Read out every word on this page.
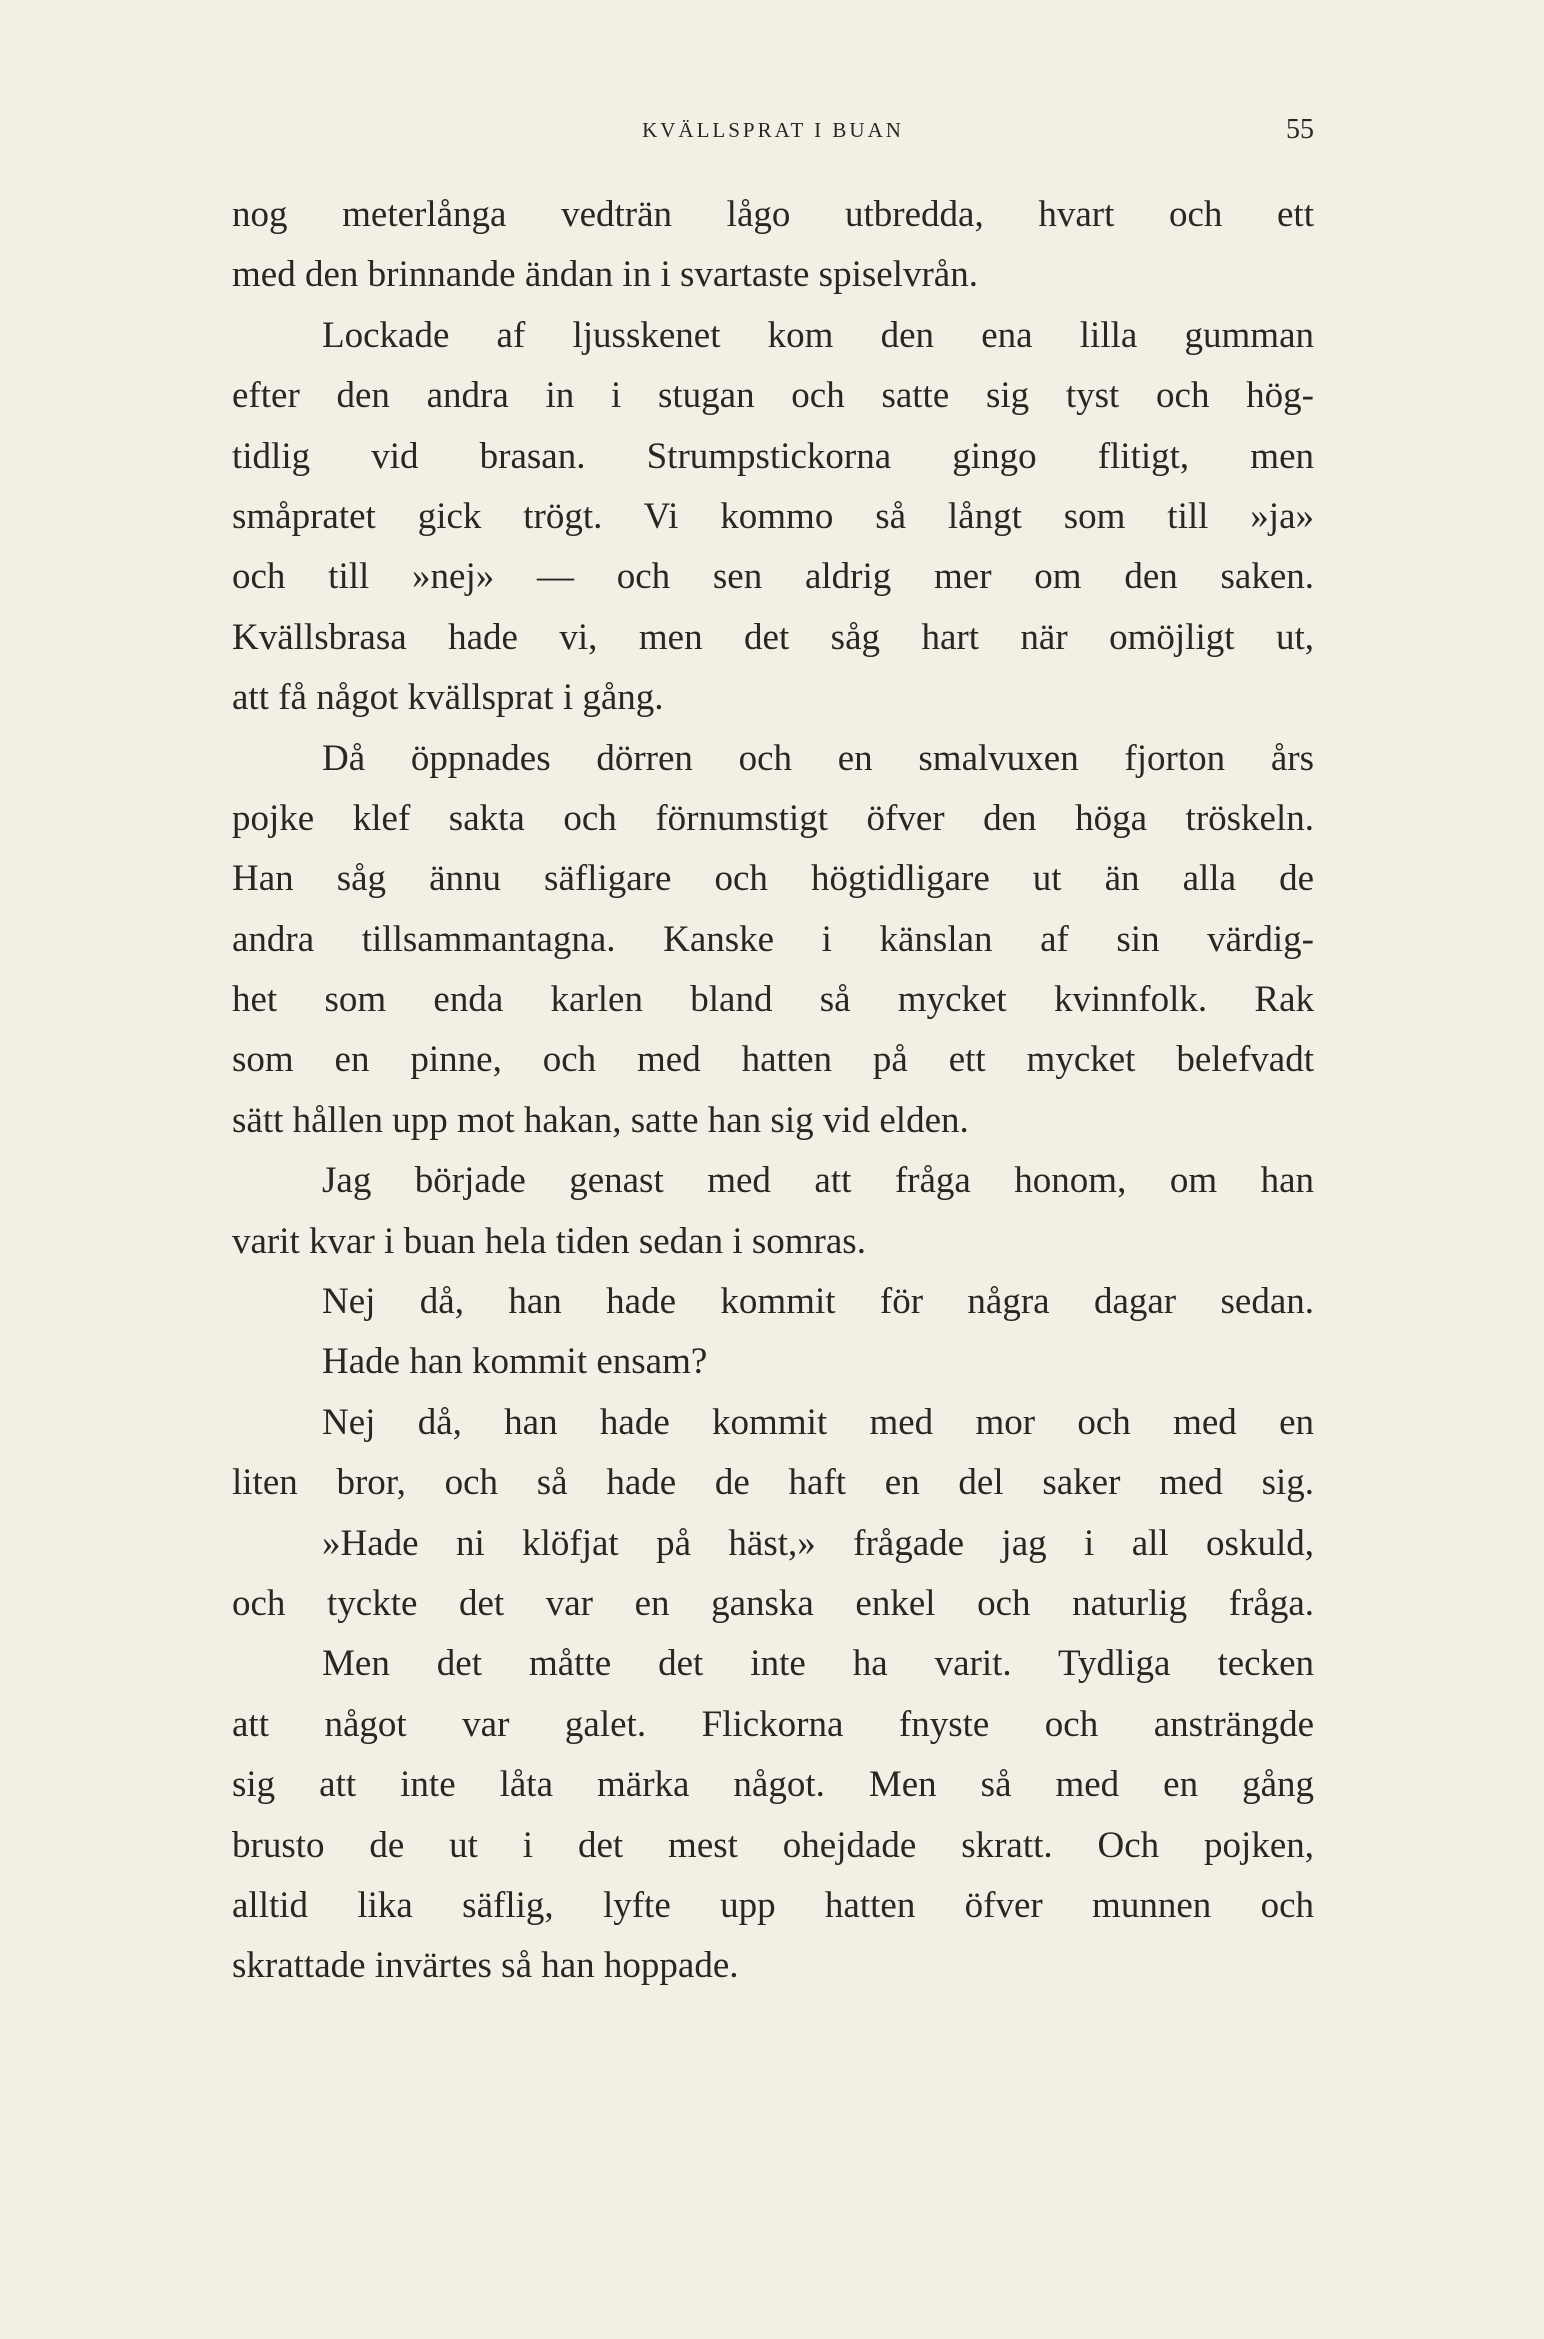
KVÄLLSPRAT I BUAN	55
nog meterlånga vedträn lågo utbredda, hvart och ett
med den brinnande ändan in i svartaste spiselvrån.
Lockade af ljusskenet kom den ena lilla gumman
efter den andra in i stugan och satte sig tyst och hög-
tidlig vid brasan. Strumpstickorna gingo flitigt, men
småpratet gick trögt. Vi kommo så långt som till »ja»
och till »nej» — och sen aldrig mer om den saken.
Kvällsbrasa hade vi, men det såg hart när omöjligt ut,
att få något kvällsprat i gång.
Då öppnades dörren och en smalvuxen fjorton års
pojke klef sakta och förnumstigt öfver den höga tröskeln.
Han såg ännu säfligare och högtidligare ut än alla de
andra tillsammantagna. Kanske i känslan af sin värdig-
het som enda karlen bland så mycket kvinnfolk. Rak
som en pinne, och med hatten på ett mycket belefvadt
sätt hållen upp mot hakan, satte han sig vid elden.
Jag började genast med att fråga honom, om han
varit kvar i buan hela tiden sedan i somras.
Nej då, han hade kommit för några dagar sedan.
Hade han kommit ensam?
Nej då, han hade kommit med mor och med en
liten bror, och så hade de haft en del saker med sig.
»Hade ni klöfjat på häst,» frågade jag i all oskuld,
och tyckte det var en ganska enkel och naturlig fråga.
Men det måtte det inte ha varit. Tydliga tecken
att något var galet. Flickorna fnyste och ansträngde
sig att inte låta märka något. Men så med en gång
brusto de ut i det mest ohejdade skratt. Och pojken,
alltid lika säflig, lyfte upp hatten öfver munnen och
skrattade invärtes så han hoppade.
